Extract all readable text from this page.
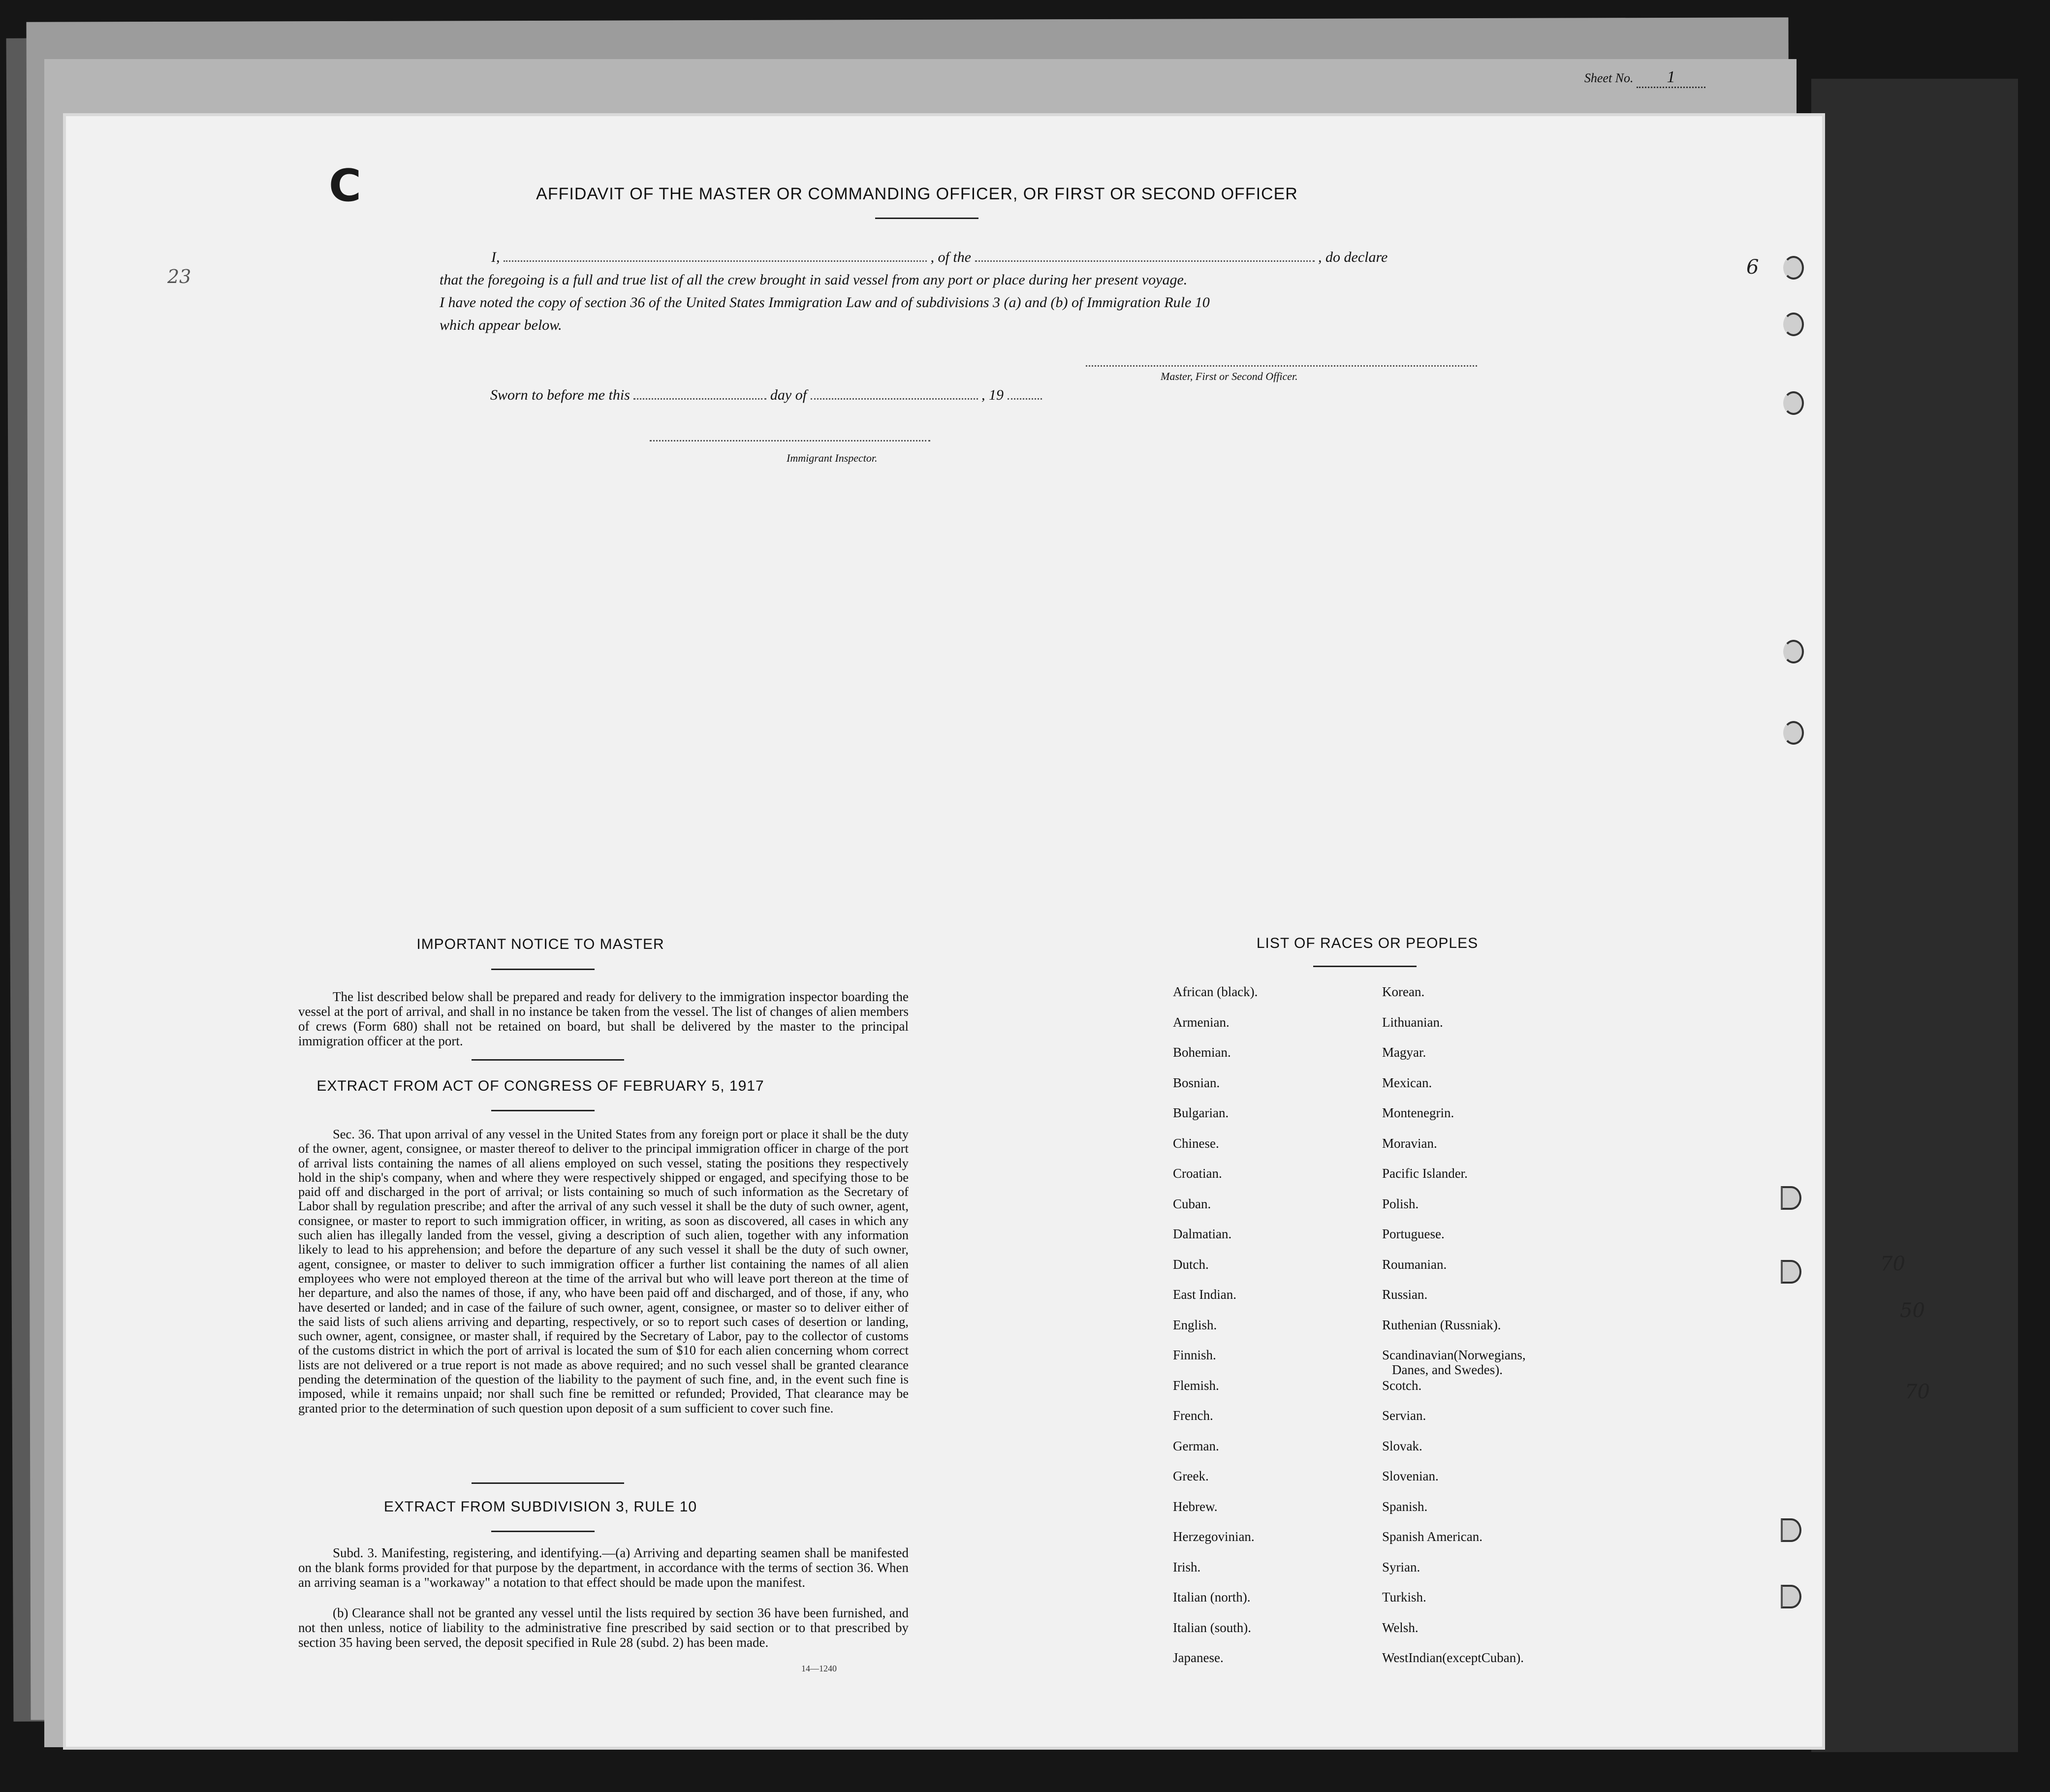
Sheet No. 1
C	AFFIDAVIT OF THE MASTER OR COMMANDING OFFICER, OR FIRST OR SECOND OFFICER
I,	, of the	, do declare
that the foregoing is a full and true list of all the crew brought in said vessel from any port or place during her present voyage.
I have noted the copy of section 36 of the United States Immigration Law and of subdivisions 3 (a) and (b) of Immigration Rule 10
which appear below.
Master, First or Second Officer.
Sworn to before me this	day of	, 19
Immigrant Inspector.
IMPORTANT NOTICE TO MASTER
The list described below shall be prepared and ready for delivery to the immigration inspector boarding the vessel at the port of arrival, and shall in no instance be taken from the vessel. The list of changes of alien members of crews (Form 680) shall not be retained on board, but shall be delivered by the master to the principal immigration officer at the port.
EXTRACT FROM ACT OF CONGRESS OF FEBRUARY 5, 1917
Sec. 36. That upon arrival of any vessel in the United States from any foreign port or place it shall be the duty of the owner, agent, consignee, or master thereof to deliver to the principal immigration officer in charge of the port of arrival lists containing the names of all aliens employed on such vessel, stating the positions they respectively hold in the ship's company, when and where they were respectively shipped or engaged, and specifying those to be paid off and discharged in the port of arrival; or lists containing so much of such information as the Secretary of Labor shall by regulation prescribe; and after the arrival of any such vessel it shall be the duty of such owner, agent, consignee, or master to report to such immigration officer, in writing, as soon as discovered, all cases in which any such alien has illegally landed from the vessel, giving a description of such alien, together with any information likely to lead to his apprehension; and before the departure of any such vessel it shall be the duty of such owner, agent, consignee, or master to deliver to such immigration officer a further list containing the names of all alien employees who were not employed thereon at the time of the arrival but who will leave port thereon at the time of her departure, and also the names of those, if any, who have been paid off and discharged, and of those, if any, who have deserted or landed; and in case of the failure of such owner, agent, consignee, or master so to deliver either of the said lists of such aliens arriving and departing, respectively, or so to report such cases of desertion or landing, such owner, agent, consignee, or master shall, if required by the Secretary of Labor, pay to the collector of customs of the customs district in which the port of arrival is located the sum of $10 for each alien concerning whom correct lists are not delivered or a true report is not made as above required; and no such vessel shall be granted clearance pending the determination of the question of the liability to the payment of such fine, and, in the event such fine is imposed, while it remains unpaid; nor shall such fine be remitted or refunded; Provided, That clearance may be granted prior to the determination of such question upon deposit of a sum sufficient to cover such fine.
EXTRACT FROM SUBDIVISION 3, RULE 10
Subd. 3. Manifesting, registering, and identifying.—(a) Arriving and departing seamen shall be manifested on the blank forms provided for that purpose by the department, in accordance with the terms of section 36. When an arriving seaman is a "workaway" a notation to that effect should be made upon the manifest.
(b) Clearance shall not be granted any vessel until the lists required by section 36 have been furnished, and not then unless, notice of liability to the administrative fine prescribed by said section or to that prescribed by section 35 having been served, the deposit specified in Rule 28 (subd. 2) has been made.
14—1240
LIST OF RACES OR PEOPLES
6
African (black).
Armenian.
Bohemian.
Bosnian.
Bulgarian.
Chinese.
Croatian.
Cuban.
Dalmatian.
Dutch.
East Indian.
English.
Finnish.
Flemish.
French.
German.
Greek.
Hebrew.
Herzegovinian.
Irish.
Italian (north).
Italian (south).
Japanese.
Korean.
Lithuanian.
Magyar.
Mexican.
Montenegrin.
Moravian.
Pacific Islander.
Polish.
Portuguese.
Roumanian.
Russian.
Ruthenian (Russniak).
Scandinavian(Norwegians,
Danes, and Swedes).
Scotch.
Servian.
Slovak.
Slovenian.
Spanish.
Spanish American.
Syrian.
Turkish.
Welsh.
WestIndian(exceptCuban).
23
70
50
70
